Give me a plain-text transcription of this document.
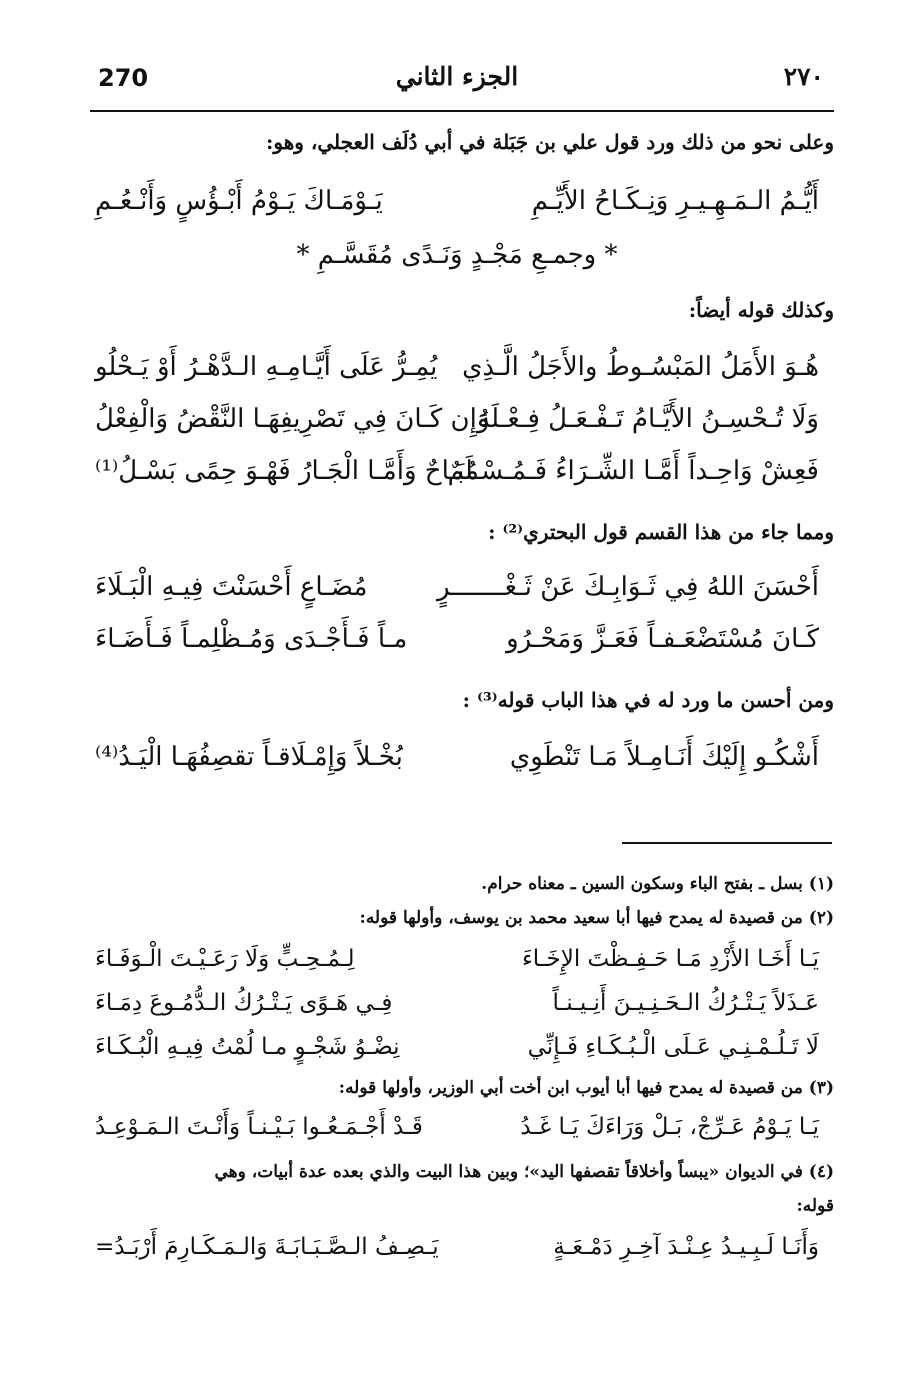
270	الجزء الثاني	٢٧٠
وعلى نحو من ذلك ورد قول علي بن جَبَلة في أبي دُلَف العجلي، وهو:
أَيُّـمُ الـمَـهِـيـرِ وَنِـكَـاحُ الأَيِّـمِ
يَـوْمَـاكَ يَـوْمُ أَبْـؤُسٍ وَأَنْـعُـمِ
* وجمـعِ مَجْـدٍ وَنَـدًى مُقَسَّـمِ *
وكذلك قوله أيضاً:
هُـوَ الأَمَلُ المَبْسُـوطُ والأَجَلُ الَّـذِي
يُمِـرُّ عَلَى أَيَّـامِـهِ الـدَّهْـرُ أَوْ يَـحْلُو
وَلَا تُـحْسِـنُ الأَيَّـامُ تَـفْـعَـلُ فِـعْـلَهُ
وَإِن كَـانَ فِي تَصْرِيفِهَـا النَّقْضُ وَالْفِعْلُ
فَعِشْ وَاحِـداً أَمَّـا الشِّـرَاءُ فَـمُـسْـلَمٌ
مُبَـاحٌ وَأَمَّـا الْجَـارُ فَهْـوَ حِمًى بَسْـلُ⁽¹⁾
ومما جاء من هذا القسم قول البحتري⁽²⁾ :
أَحْسَنَ اللهُ فِي ثَـوَابِـكَ عَنْ ثَـغْـــــــرٍ
مُضَـاعٍ أَحْسَنْتَ فِيـهِ الْبَـلَاءَ
كَـانَ مُسْتَضْعَـفـاً فَعَـزَّ وَمَحْـرُو
مـاً فَـأَجْـدَى وَمُـظْلِمـاً فَـأَضَـاءَ
ومن أحسن ما ورد له في هذا الباب قوله⁽³⁾ :
أَشْكُـو إِلَيْكَ أَنَـامِـلاً مَـا تَنْطَوِي
بُخْـلاً وَإِمْـلَاقـاً تقصِفُهَـا الْيَـدُ⁽⁴⁾
(١) بسل ـ بفتح الباء وسكون السين ـ معناه حرام.
(٢) من قصيدة له يمدح فيها أبا سعيد محمد بن يوسف، وأولها قوله:
يَـا أَخَـا الأَزْدِ مَـا حَـفِـظْتَ الإِخَـاءَ
لِـمُـحِـبٍّ وَلَا رَعَـيْـتَ الْـوَفَـاءَ
عَـذَلاً يَـتْـرُكُ الـحَـنِـيـنَ أَنِـيـنـاً
فِـي هَـوًى يَـتْـرُكُ الـدُّمُـوعَ دِمَـاءَ
لَا تَـلُـمْـنِـي عَـلَى الْـبُـكَـاءِ فَـإِنِّي
نِضْـوُ شَجْـوٍ مـا لُمْتُ فِيـهِ الْبُـكَـاءَ
(٣) من قصيدة له يمدح فيها أبا أيوب ابن أخت أبي الوزير، وأولها قوله:
يَـا يَـوْمُ عَـرِّجْ، بَـلْ وَرَاءَكَ يَـا غَـدُ
قَـدْ أَجْـمَـعُـوا بَـيْـنـاً وَأَنْـتَ الـمَـوْعِـدُ
(٤) في الديوان «يبساً وأخلاقاً تقصفها اليد»؛ وبين هذا البيت والذي بعده عدة أبيات، وهي
قوله:
وَأَنَـا لَـبِـيـدُ عِـنْـدَ آخِـرِ دَمْـعَـةٍ
يَـصِـفُ الـصَّـبَـابَـةَ وَالـمَـكَـارِمَ أَرْبَـدُ=
